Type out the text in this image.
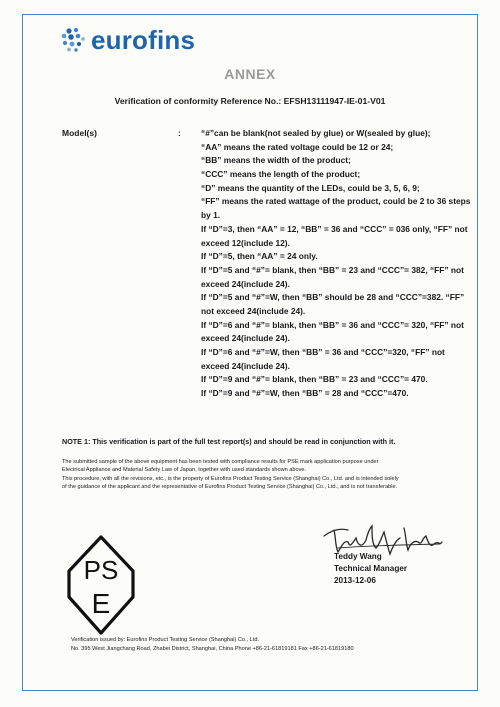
eurofins
ANNEX
Verification of conformity Reference No.: EFSH13111947-IE-01-V01
Model(s)	: “#”can be blank(not sealed by glue) or W(sealed by glue);
“AA” means the rated voltage could be 12 or 24;
“BB” means the width of the product;
“CCC” means the length of the product;
“D” means the quantity of the LEDs, could be 3, 5, 6, 9;
“FF” means the rated wattage of the product, could be 2 to 36 steps
by 1.
If “D”=3, then “AA” = 12, “BB” = 36 and “CCC” = 036 only, “FF” not
exceed 12(include 12).
If “D”=5, then “AA” = 24 only.
If “D”=5 and “#”= blank, then “BB” = 23 and “CCC”= 382, “FF” not
exceed 24(include 24).
If “D”=5 and “#”=W, then “BB” should be 28 and “CCC”=382. “FF”
not exceed 24(include 24).
If “D”=6 and “#”= blank, then “BB” = 36 and “CCC”= 320, “FF” not
exceed 24(include 24).
If “D”=6 and “#”=W, then “BB” = 36 and “CCC”=320, “FF” not
exceed 24(include 24).
If “D”=9 and “#”= blank, then “BB” = 23 and “CCC”= 470.
If “D”=9 and “#”=W, then “BB” = 28 and “CCC”=470.
NOTE 1: This verification is part of the full test report(s) and should be read in conjunction with it.
The submitted sample of the above equipment has been tested with compliance results for PSE mark application purpose under
Electrical Appliance and Material Safety Law of Japan, together with used standards shown above.
This procedure, with all the revisions, etc., is the property of Eurofins Product Testing Service (Shanghai) Co., Ltd. and is intended solely
of the guidance of the applicant and the representative of Eurofins Product Testing Service (Shanghai) Co., Ltd., and is not transferable.
Teddy Wang
Technical Manager
2013-12-06
PS
E
Verification issued by: Eurofins Product Testing Service (Shanghai) Co., Ltd.
No. 395 West Jiangchang Road, Zhabei District, Shanghai, China Phone +86-21-61819181 Fax +86-21-61819180
